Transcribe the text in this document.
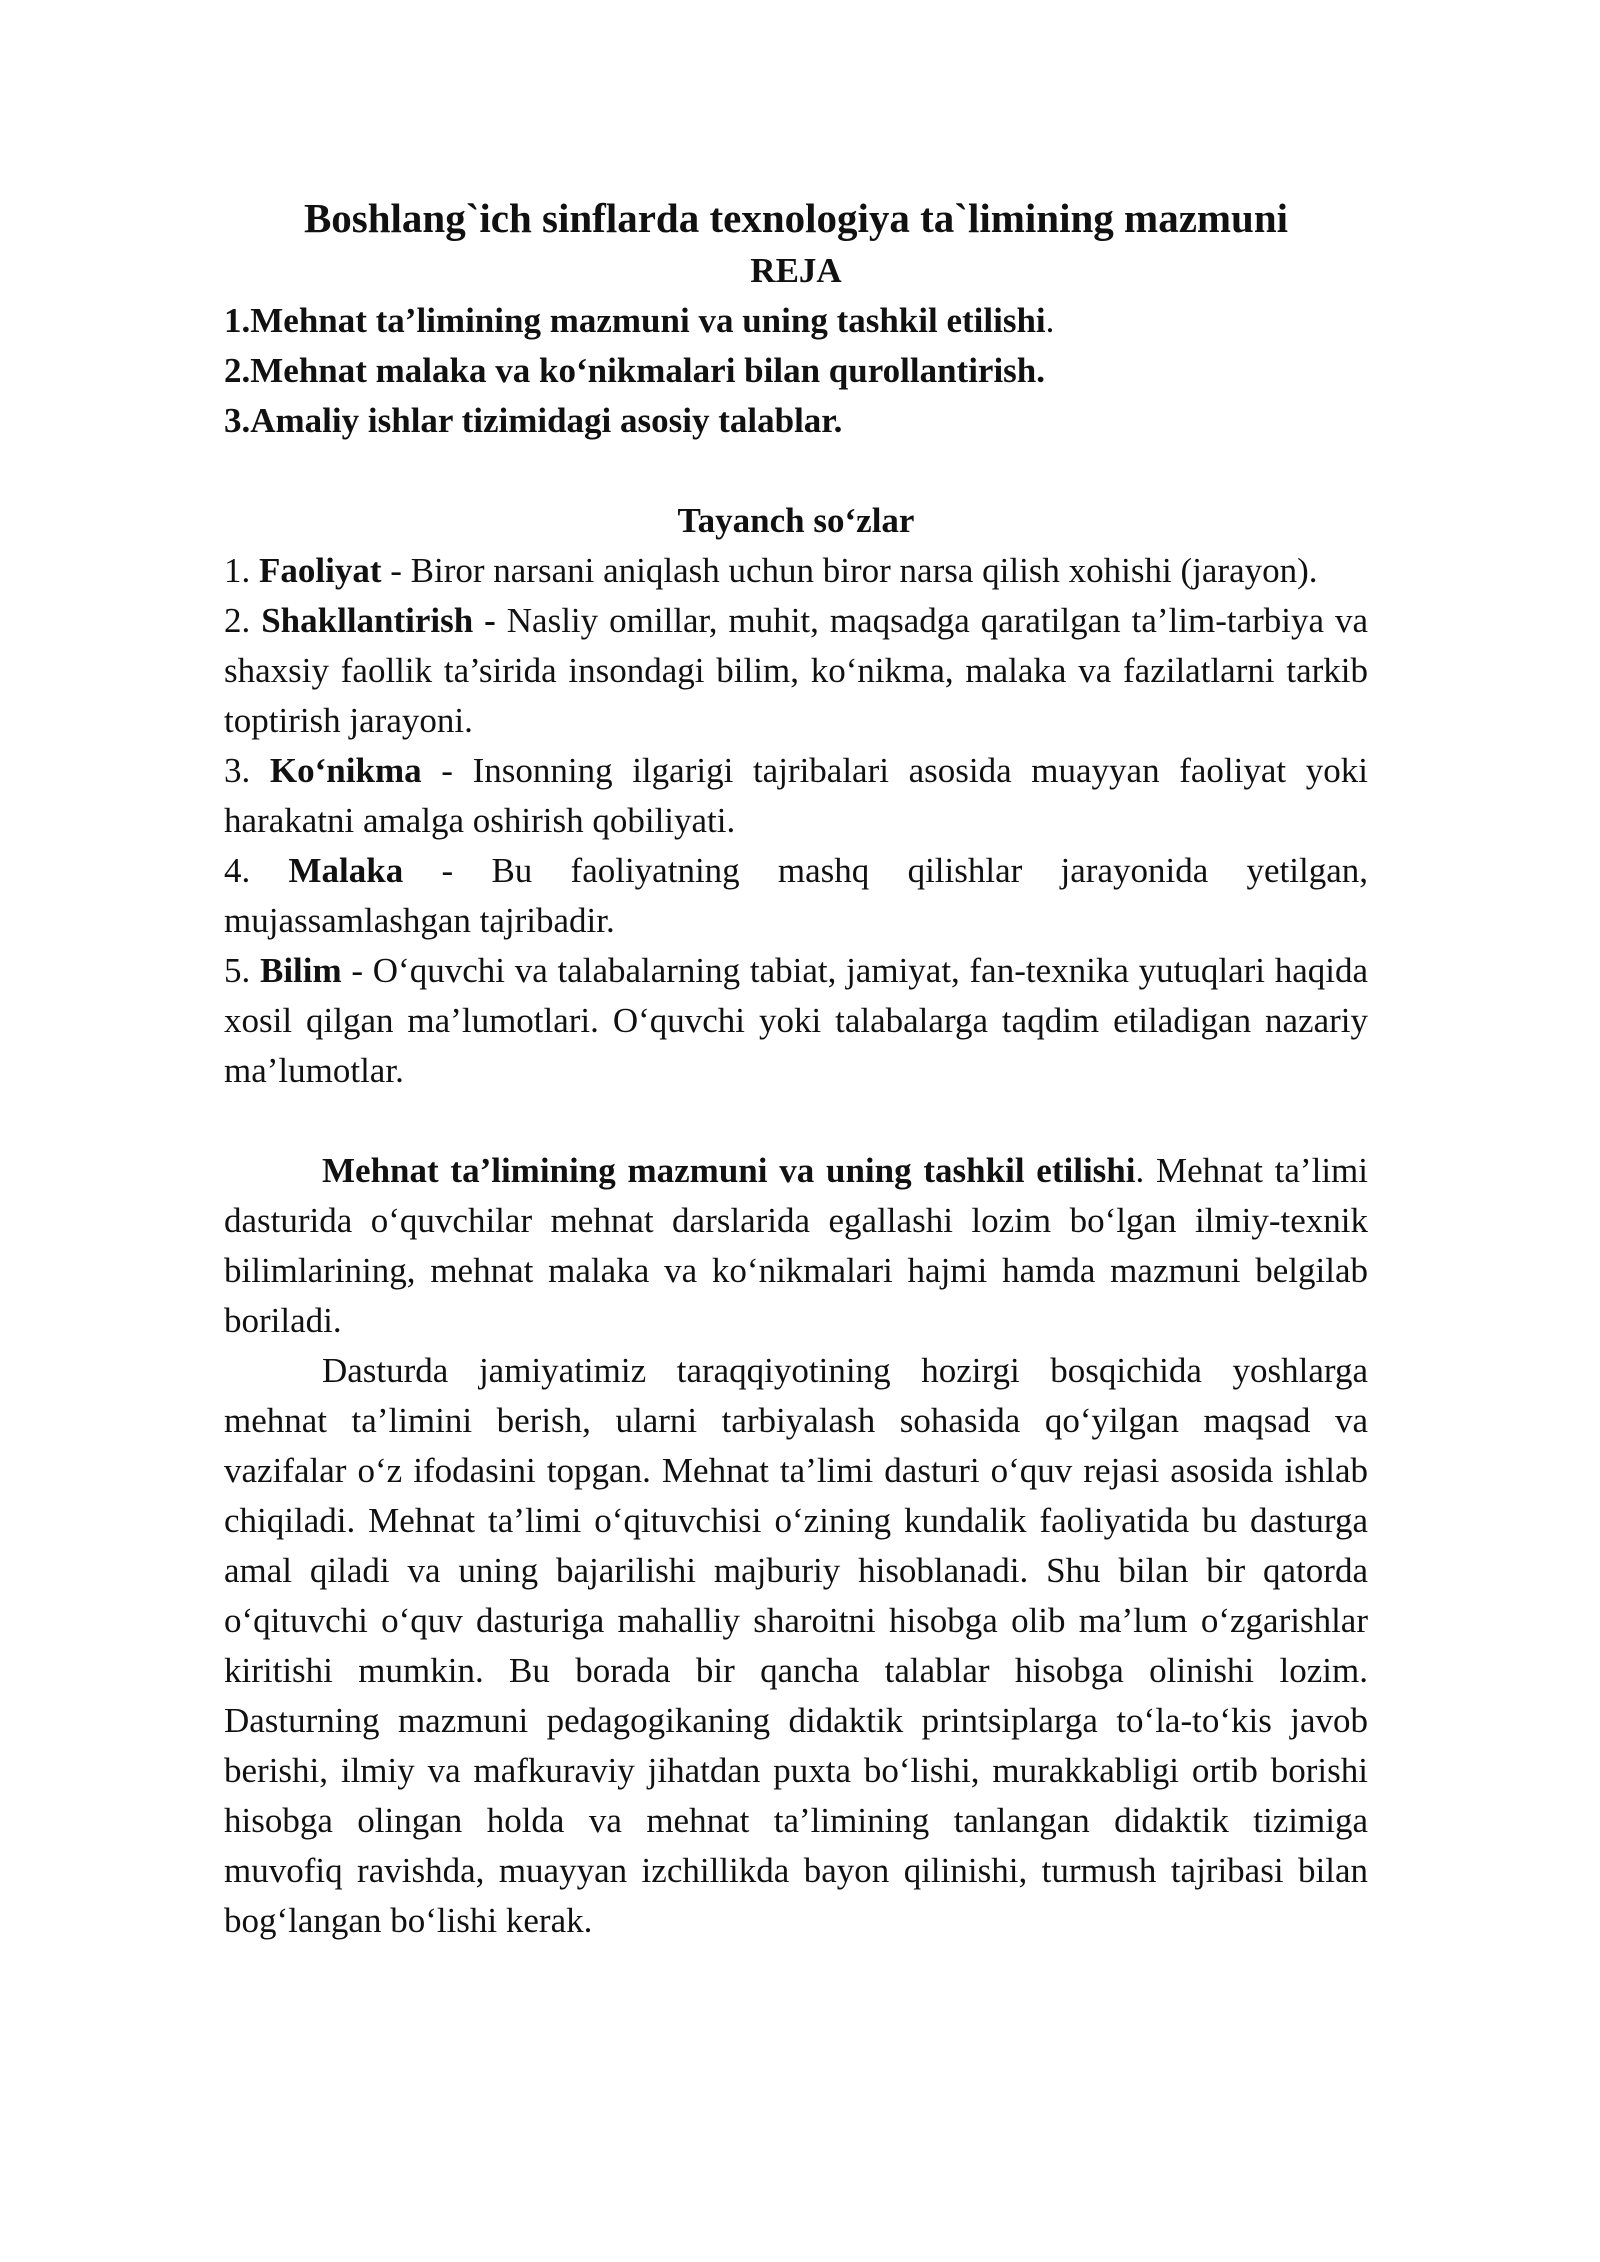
Boshlang`ich sinflarda texnologiya ta`limining mazmuni
REJA
1.Mehnat ta’limining mazmuni va uning tashkil etilishi.
2.Mehnat malaka va ko‘nikmalari bilan qurollantirish.
3.Amaliy ishlar tizimidagi asosiy talablar.
Tayanch so‘zlar

1. Faoliyat - Biror narsani aniqlash uchun biror narsa qilish xohishi (jarayon).

2. Shakllantirish - Nasliy omillar, muhit, maqsadga qaratilgan ta’lim-tarbiya va shaxsiy faollik ta’sirida insondagi bilim, ko‘nikma, malaka va fazilatlarni tarkib toptirish jarayoni.

3. Ko‘nikma - Insonning ilgarigi tajribalari asosida muayyan faoliyat yoki harakatni amalga oshirish qobiliyati.

4. Malaka - Bu faoliyatning mashq qilishlar jarayonida yetilgan, mujassamlashgan tajribadir.

5. Bilim - O‘quvchi va talabalarning tabiat, jamiyat, fan-texnika yutuqlari haqida xosil qilgan ma’lumotlari. O‘quvchi yoki talabalarga taqdim etiladigan nazariy ma’lumotlar.

Mehnat ta’limining mazmuni va uning tashkil etilishi. Mehnat ta’limi dasturida o‘quvchilar mehnat darslarida egallashi lozim bo‘lgan ilmiy-texnik bilimlarining, mehnat malaka va ko‘nikmalari hajmi hamda mazmuni belgilab boriladi.

Dasturda jamiyatimiz taraqqiyotining hozirgi bosqichida yoshlarga mehnat ta’limini berish, ularni tarbiyalash sohasida qo‘yilgan maqsad va vazifalar o‘z ifodasini topgan. Mehnat ta’limi dasturi o‘quv rejasi asosida ishlab chiqiladi. Mehnat ta’limi o‘qituvchisi o‘zining kundalik faoliyatida bu dasturga amal qiladi va uning bajarilishi majburiy hisoblanadi. Shu bilan bir qatorda o‘qituvchi o‘quv dasturiga mahalliy sharoitni hisobga olib ma’lum o‘zgarishlar kiritishi mumkin. Bu borada bir qancha talablar hisobga olinishi lozim. Dasturning mazmuni pedagogikaning didaktik printsiplarga to‘la-to‘kis javob berishi, ilmiy va mafkuraviy jihatdan puxta bo‘lishi, murakkabligi ortib borishi hisobga olingan holda va mehnat ta’limining tanlangan didaktik tizimiga muvofiq ravishda, muayyan izchillikda bayon qilinishi, turmush tajribasi bilan bog‘langan bo‘lishi kerak.
